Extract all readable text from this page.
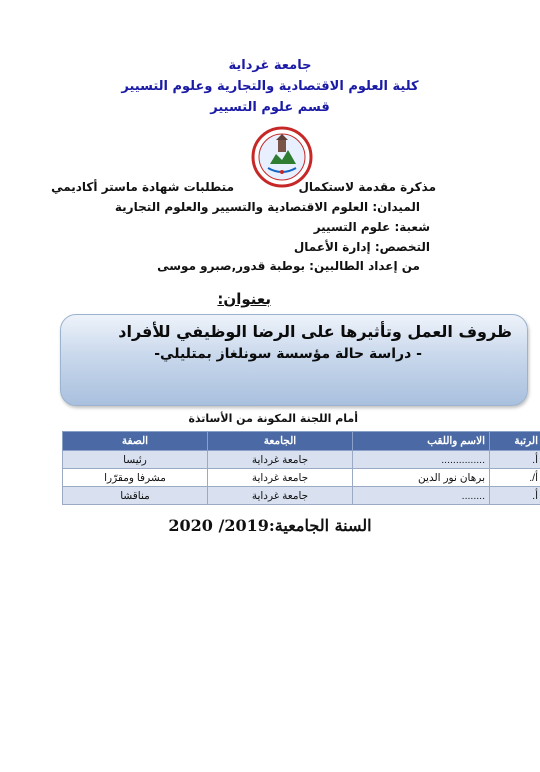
جامعة غرداية
كلية العلوم الاقتصادية والتجارية وعلوم التسيير
قسم علوم التسيير
مذكرة مقدمة لاستكمال
متطلبات شهادة ماستر أكاديمي
الميدان: العلوم الاقتصادية والتسيير والعلوم التجارية
شعبة: علوم التسيير
التخصص: إدارة الأعمال
من إعداد الطالبين: بوطبة قدور,صبرو موسى
بعنوان:
ظروف العمل وتأثيرها على الرضا الوظيفي للأفراد
- دراسة حالة مؤسسة سونلغاز بمتليلي-
أمام اللجنة المكونة من الأساتذة
الرتبة	الاسم واللقب	الجامعة	الصفة
أ.	...............	جامعة غرداية	رئيسا
أ/.	برهان نور الدين	جامعة غرداية	مشرفا ومقرّرا
أ.	........	جامعة غرداية	مناقشا
السنة الجامعية:2019/ 2020
